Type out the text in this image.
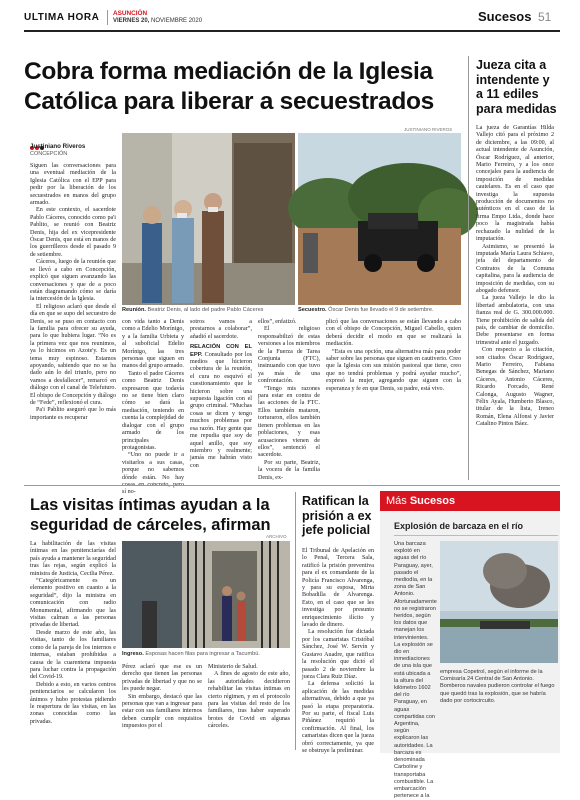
ULTIMA HORA ASUNCIÓN
VIERNES 20, NOVIEMBRE 2020	Sucesos 51
Cobra forma mediación de la Iglesia
Católica para liberar a secuestrados
JUSTINIANO RIVEROS
Justiniano Riveros
CONCEPCIÓN

Siguen las conversaciones para una eventual mediación de la Iglesia Católica con el EPP para pedir por la liberación de los secuestrados en manos del grupo armado.

En este contexto, el sacerdote Pablo Cáceres, conocido como pa'i Pablito, se reunió con Beatriz Denis, hija del ex vicepresidente Óscar Denis, que está en manos de los guerrilleros desde el pasado 9 de setiembre.

Cáceres, luego de la reunión que se llevó a cabo en Concepción, explicó que siguen avanzando las conversaciones y que de a poco están diagramando cómo se daría la intercesión de la Iglesia.

El religioso aclaró que desde el día en que se supo del secuestro de Denis, se se puso en contacto con la familia para ofrecer su ayuda, para lo que hubiera lugar. “No es la primera vez que nos reunimos, ya lo hicimos en Azote'y. Es un tema muy espinoso. Estamos apoyando, sabiendo que no se ha dado aún lo del triunfo, pero no vamos a desfallecer”, remarcó en diálogo con el canal de Telefuturo. El obispo de Concepción y diálogo de “Fede”, reflexionó el cura.

Pa'i Pablito aseguró que lo más importante es recuperar

Reunión. Beatriz Denis, al lado del padre Pablo Cáceres	Secuestro. Óscar Denis fue llevado el 9 de setiembre.

con vida tanto a Denis como a Edelio Morínigo, y a la familia Urbieta y al suboficial Edelio Morínigo, las tres personas que siguen en manos del grupo armado.

Tanto el padre Cáceres como Beatriz Denis expresaron que todavía no se tiene bien claro cómo se dará la mediación, teniendo en cuenta la complejidad de dialogar con el grupo armado de los principales protagonistas.

“Uno no puede ir a visitarlos a sus casas, porque no sabemos dónde están. No hay sí no-

sotros vamos a prestarnos a colaborar”, añadió el sacerdote.

RELACIÓN CON EL EPP. Consultado por los medios que hicieron cobertura de la reunión, el cura no esquivó el cuestionamiento que le hicieron sobre una supuesta ligación con el grupo criminal. “Muchas cosas se dicen y tengo muchos problemas por esa razón. Hay gente que me repudia que soy de aquel anillo, que soy miembro y realmente; jamás me habrán visto con

ellos”, enfatizó.

El religioso responsabilizó de estas versiones a los miembros de la Fuerza de Tarea Conjunta (FTC), insinuando con que tuvo ya más de una confrontación.

“Tengo mis razones para estar en contra de las acciones de la FTC. Ellos también mataron, torturaron, ellos también tienen problemas en las poblaciones, y esas acusaciones vienen de ellos”, sentenció el sacerdote.

Por su parte, Beatriz, la vocera de la familia Denis, ex-

plicó que las conversaciones se están llevando a cabo con el obispo de Concepción, Miguel Cabello, quien deberá decidir el modo en que se realizará la mediación.

“Esta es una opción, una alternativa más para poder saber sobre las personas que siguen en cautiverio. Creo que la Iglesia con sus misión pastoral que tiene, creo que no tendrá problemas y podrá ayudar mucho”, expresó la mujer, agregando que siguen con la esperanza y fe en que Denis, su padre, está vivo.

Jueza cita a
intendente y
a 11 ediles
para medidas

La jueza de Garantías Hilda Vallejo citó para el próximo 2 de diciembre, a las 09:00, al actual intendente de Asunción, Óscar Rodríguez, al anterior, Mario Ferreiro, y a los once concejales para la audiencia de imposición de medidas cautelares. Es en el caso que investiga la supuesta producción de documentos no auténticos en el caso de la firma Empo Ltda., donde hace poco la magistrada había rechazado la nulidad de la imputación.

Asimismo, se presentó la imputada María Laura Schiavo, jefa del departamento de Contratos de la Comuna capitalina, para la audiencia de imposición de medidas, con su abogado defensor.

La jueza Vallejo le dio la libertad ambulatoria, con una fianza real de G. 300.000.000. Tiene prohibición de salida del país, de cambiar de domicilio. Debe presentarse en forma trimestral ante el juzgado.

Con respecto a la citación, son citados Óscar Rodríguez, Mario Ferreiro, Fabiana Benegas de Sánchez, Mariano Cáceres, Antonio Cáceres, Ricardo Forcado, René Calonga, Augusto Wagner, Félix Ayala, Humberto Blasco, titular de la lista, Ireneo Román, Elena Alfonsi y Javier Catalino Pintos Báez.

Las visitas íntimas ayudan a la
seguridad de cárceles, afirman
ARCHIVO

La habilitación de las visitas íntimas en las penitenciarías del país ayuda a mantener la seguridad tras las rejas, según explicó la ministra de Justicia, Cecilia Pérez.

“Categóricamente es un elemento positivo en cuanto a la seguridad”, dijo la ministra en comunicación con radio Monumental, afirmando que las visitas calman a las personas privadas de libertad.

Desde marzo de este año, las visitas, tanto de los familiares como de la pareja de los internos e internas, estaban prohibidas a causa de la cuarentena impuesta para luchar contra la propagación del Covid-19.

Debido a esto, en varios centros penitenciarios se calcularon los ánimos y hubo protestas pidiendo le reapertura de las visitas, en las zonas conocidas como las privadas.

Ingreso. Esposas hacen filas para ingresar a Tacumbú.

Pérez aclaró que ese es un derecho que tienen las personas privadas de libertad y que no se les puede negar.

Sin embargo, destacó que las personas que van a ingresar para estar con sus familiares internos deben cumplir con requisitos impuestos por el

Ministerio de Salud.

A fines de agosto de este año, las autoridades decidieron rehabilitar las visitas íntimas en cierto régimen, y en el protocolo para las visitas del resto de los familiares, tras haber superado brotes de Covid en algunas cárceles.

Ratifican la
prisión a ex
jefe policial

El Tribunal de Apelación en lo Penal, Tercera Sala, ratificó la prisión preventiva para el ex comandante de la Policía Francisco Alvarenga, y para su esposa, Mirta Bobadilla de Alvarenga. Esto, en el caso que se les investiga por presunto enriquecimiento ilícito y lavado de dinero.

La resolución fue dictada por los camaristas Cristóbal Sánchez, José W. Servín y Gustavo Auadre, que ratifica la resolución que dictó el pasado 2 de noviembre la jueza Clara Ruiz Díaz.

La defensa solicitó la aplicación de las medidas alternativas, debido a que ya pasó la etapa preparatoria. Por su parte, el fiscal Luis Piñánez requirió la confirmación. Al final, los camaristas dicen que la jueza obró correctamente, ya que se obstruye la preliminar.

Más Sucesos
Explosión de barcaza en el río
Una barcaza explotó en aguas del río Paraguay, ayer, pasado el mediodía, en la zona de San Antonio. Afortunadamente no se registraron heridos, según los datos que manejan los intervinientes. La explosión se dio en inmediaciones de una isla que está ubicada a la altura del kilómetro 1602 del río Paraguay, en aguas compartidas con Argentina, según explicaron las autoridades. La barcaza es denominada Carboline y transportaba combustible. La embarcación pertenece a la
empresa Copetrol, según el informe de la Comisaría 24 Central de San Antonio. Bomberos navales pudieron controlar el fuego que quedó tras la explosión, que se habría dado por cortocircuito.
